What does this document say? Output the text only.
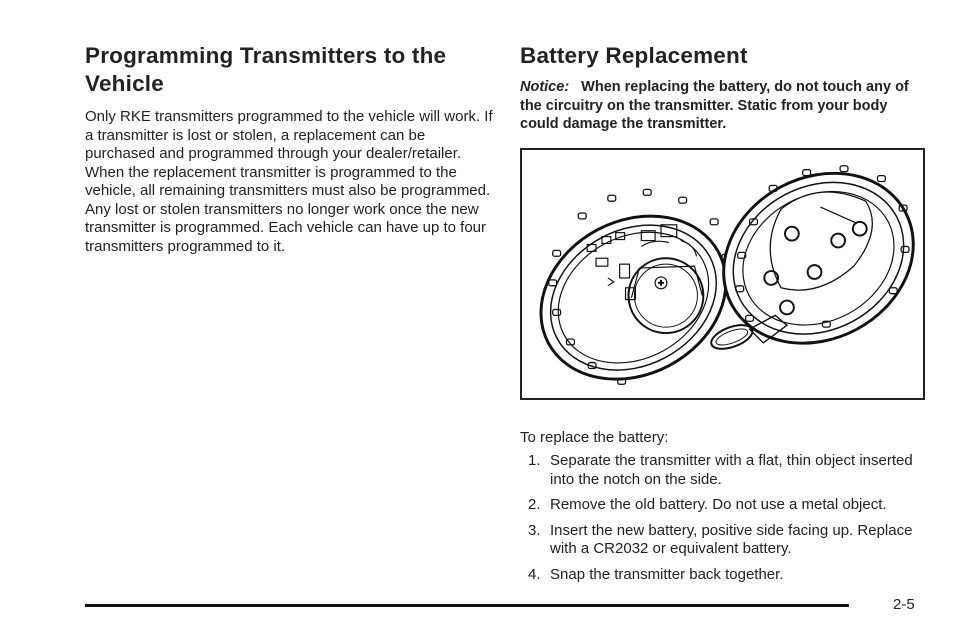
Programming Transmitters to the Vehicle

Only RKE transmitters programmed to the vehicle will work. If a transmitter is lost or stolen, a replacement can be purchased and programmed through your dealer/retailer. When the replacement transmitter is programmed to the vehicle, all remaining transmitters must also be programmed. Any lost or stolen transmitters no longer work once the new transmitter is programmed. Each vehicle can have up to four transmitters programmed to it.

Battery Replacement

Notice: When replacing the battery, do not touch any of the circuitry on the transmitter. Static from your body could damage the transmitter.

To replace the battery:
1. Separate the transmitter with a flat, thin object inserted into the notch on the side.
2. Remove the old battery. Do not use a metal object.
3. Insert the new battery, positive side facing up. Replace with a CR2032 or equivalent battery.
4. Snap the transmitter back together.
2-5
